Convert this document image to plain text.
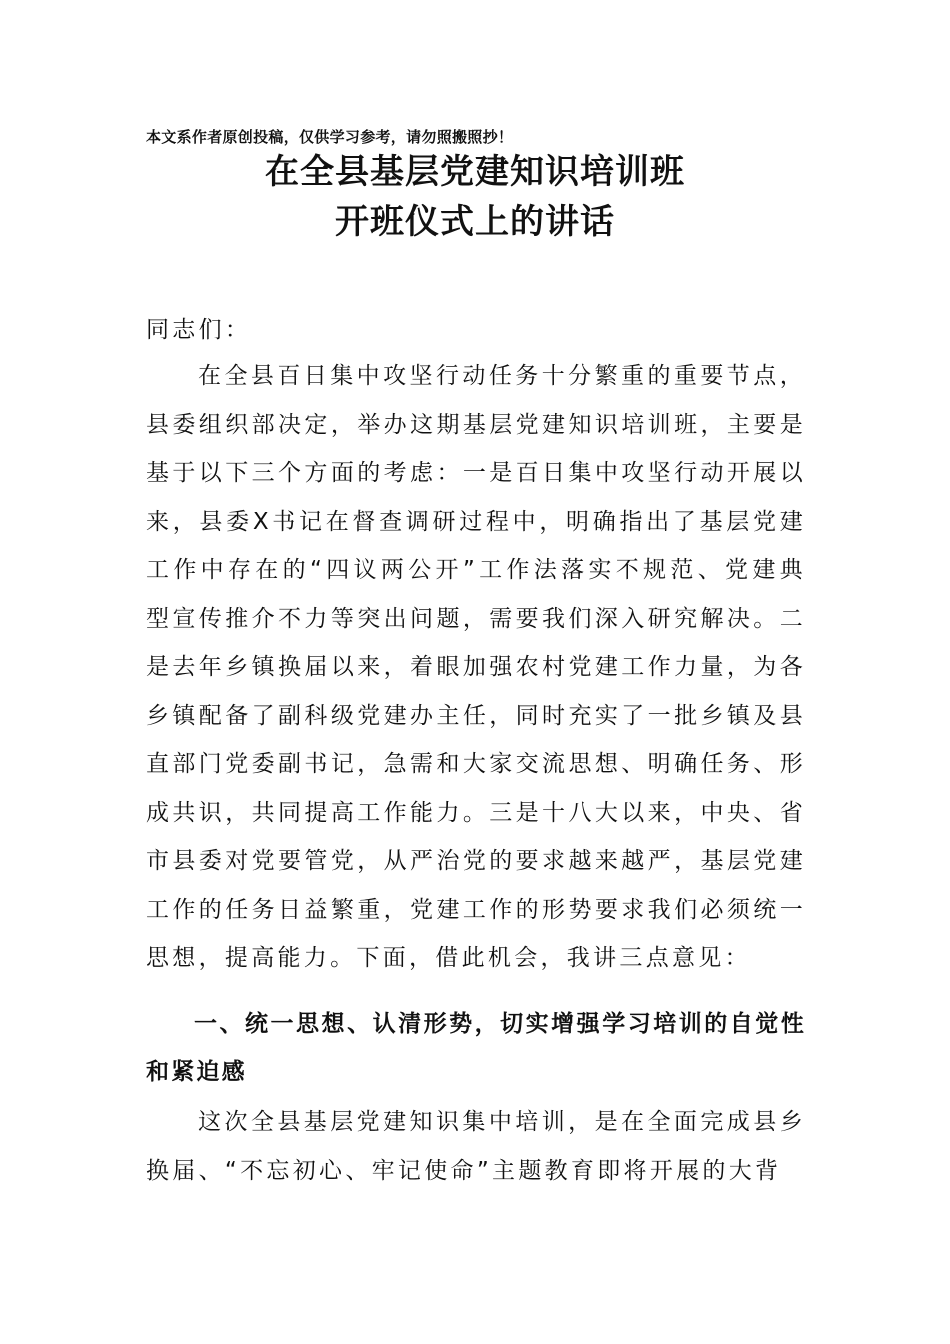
本文系作者原创投稿，仅供学习参考，请勿照搬照抄！
在全县基层党建知识培训班
开班仪式上的讲话
同志们：
在全县百日集中攻坚行动任务十分繁重的重要节点，县委组织部决定，举办这期基层党建知识培训班，主要是基于以下三个方面的考虑：一是百日集中攻坚行动开展以来，县委X书记在督查调研过程中，明确指出了基层党建工作中存在的“四议两公开”工作法落实不规范、党建典型宣传推介不力等突出问题，需要我们深入研究解决。二是去年乡镇换届以来，着眼加强农村党建工作力量，为各乡镇配备了副科级党建办主任，同时充实了一批乡镇及县直部门党委副书记，急需和大家交流思想、明确任务、形成共识，共同提高工作能力。三是十八大以来，中央、省市县委对党要管党，从严治党的要求越来越严，基层党建工作的任务日益繁重，党建工作的形势要求我们必须统一思想，提高能力。下面，借此机会，我讲三点意见：
一、统一思想、认清形势，切实增强学习培训的自觉性和紧迫感
这次全县基层党建知识集中培训，是在全面完成县乡换届、“不忘初心、牢记使命”主题教育即将开展的大背
